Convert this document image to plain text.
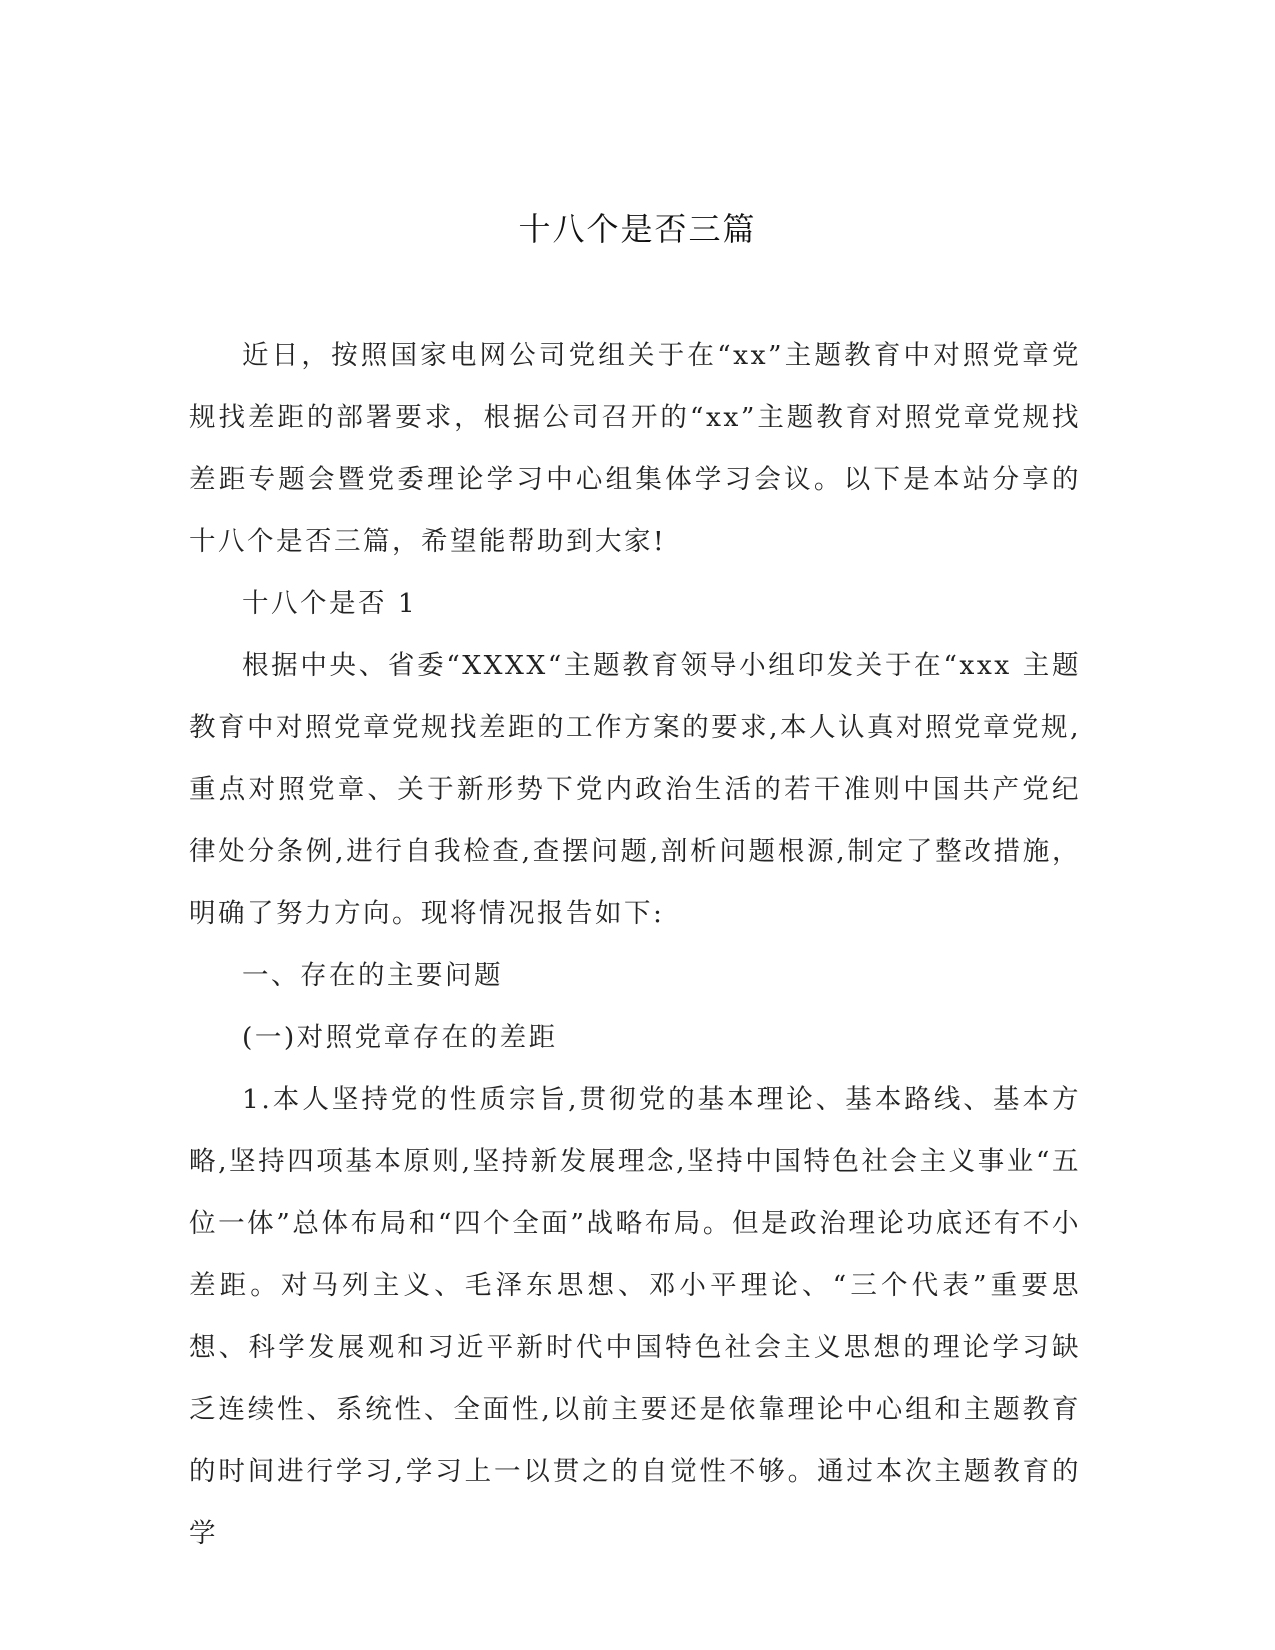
十八个是否三篇

近日，按照国家电网公司党组关于在“xx”主题教育中对照党章党规找差距的部署要求，根据公司召开的“xx”主题教育对照党章党规找差距专题会暨党委理论学习中心组集体学习会议。以下是本站分享的十八个是否三篇，希望能帮助到大家!

十八个是否 1

根据中央、省委“XXXX“主题教育领导小组印发关于在“xxx 主题教育中对照党章党规找差距的工作方案的要求,本人认真对照党章党规,重点对照党章、关于新形势下党内政治生活的若干准则中国共产党纪律处分条例,进行自我检查,查摆问题,剖析问题根源,制定了整改措施，明确了努力方向。现将情况报告如下:

一、存在的主要问题

(一)对照党章存在的差距

1.本人坚持党的性质宗旨,贯彻党的基本理论、基本路线、基本方略,坚持四项基本原则,坚持新发展理念,坚持中国特色社会主义事业“五位一体”总体布局和“四个全面”战略布局。但是政治理论功底还有不小差距。对马列主义、毛泽东思想、邓小平理论、“三个代表”重要思想、科学发展观和习近平新时代中国特色社会主义思想的理论学习缺乏连续性、系统性、全面性,以前主要还是依靠理论中心组和主题教育的时间进行学习,学习上一以贯之的自觉性不够。通过本次主题教育的学
